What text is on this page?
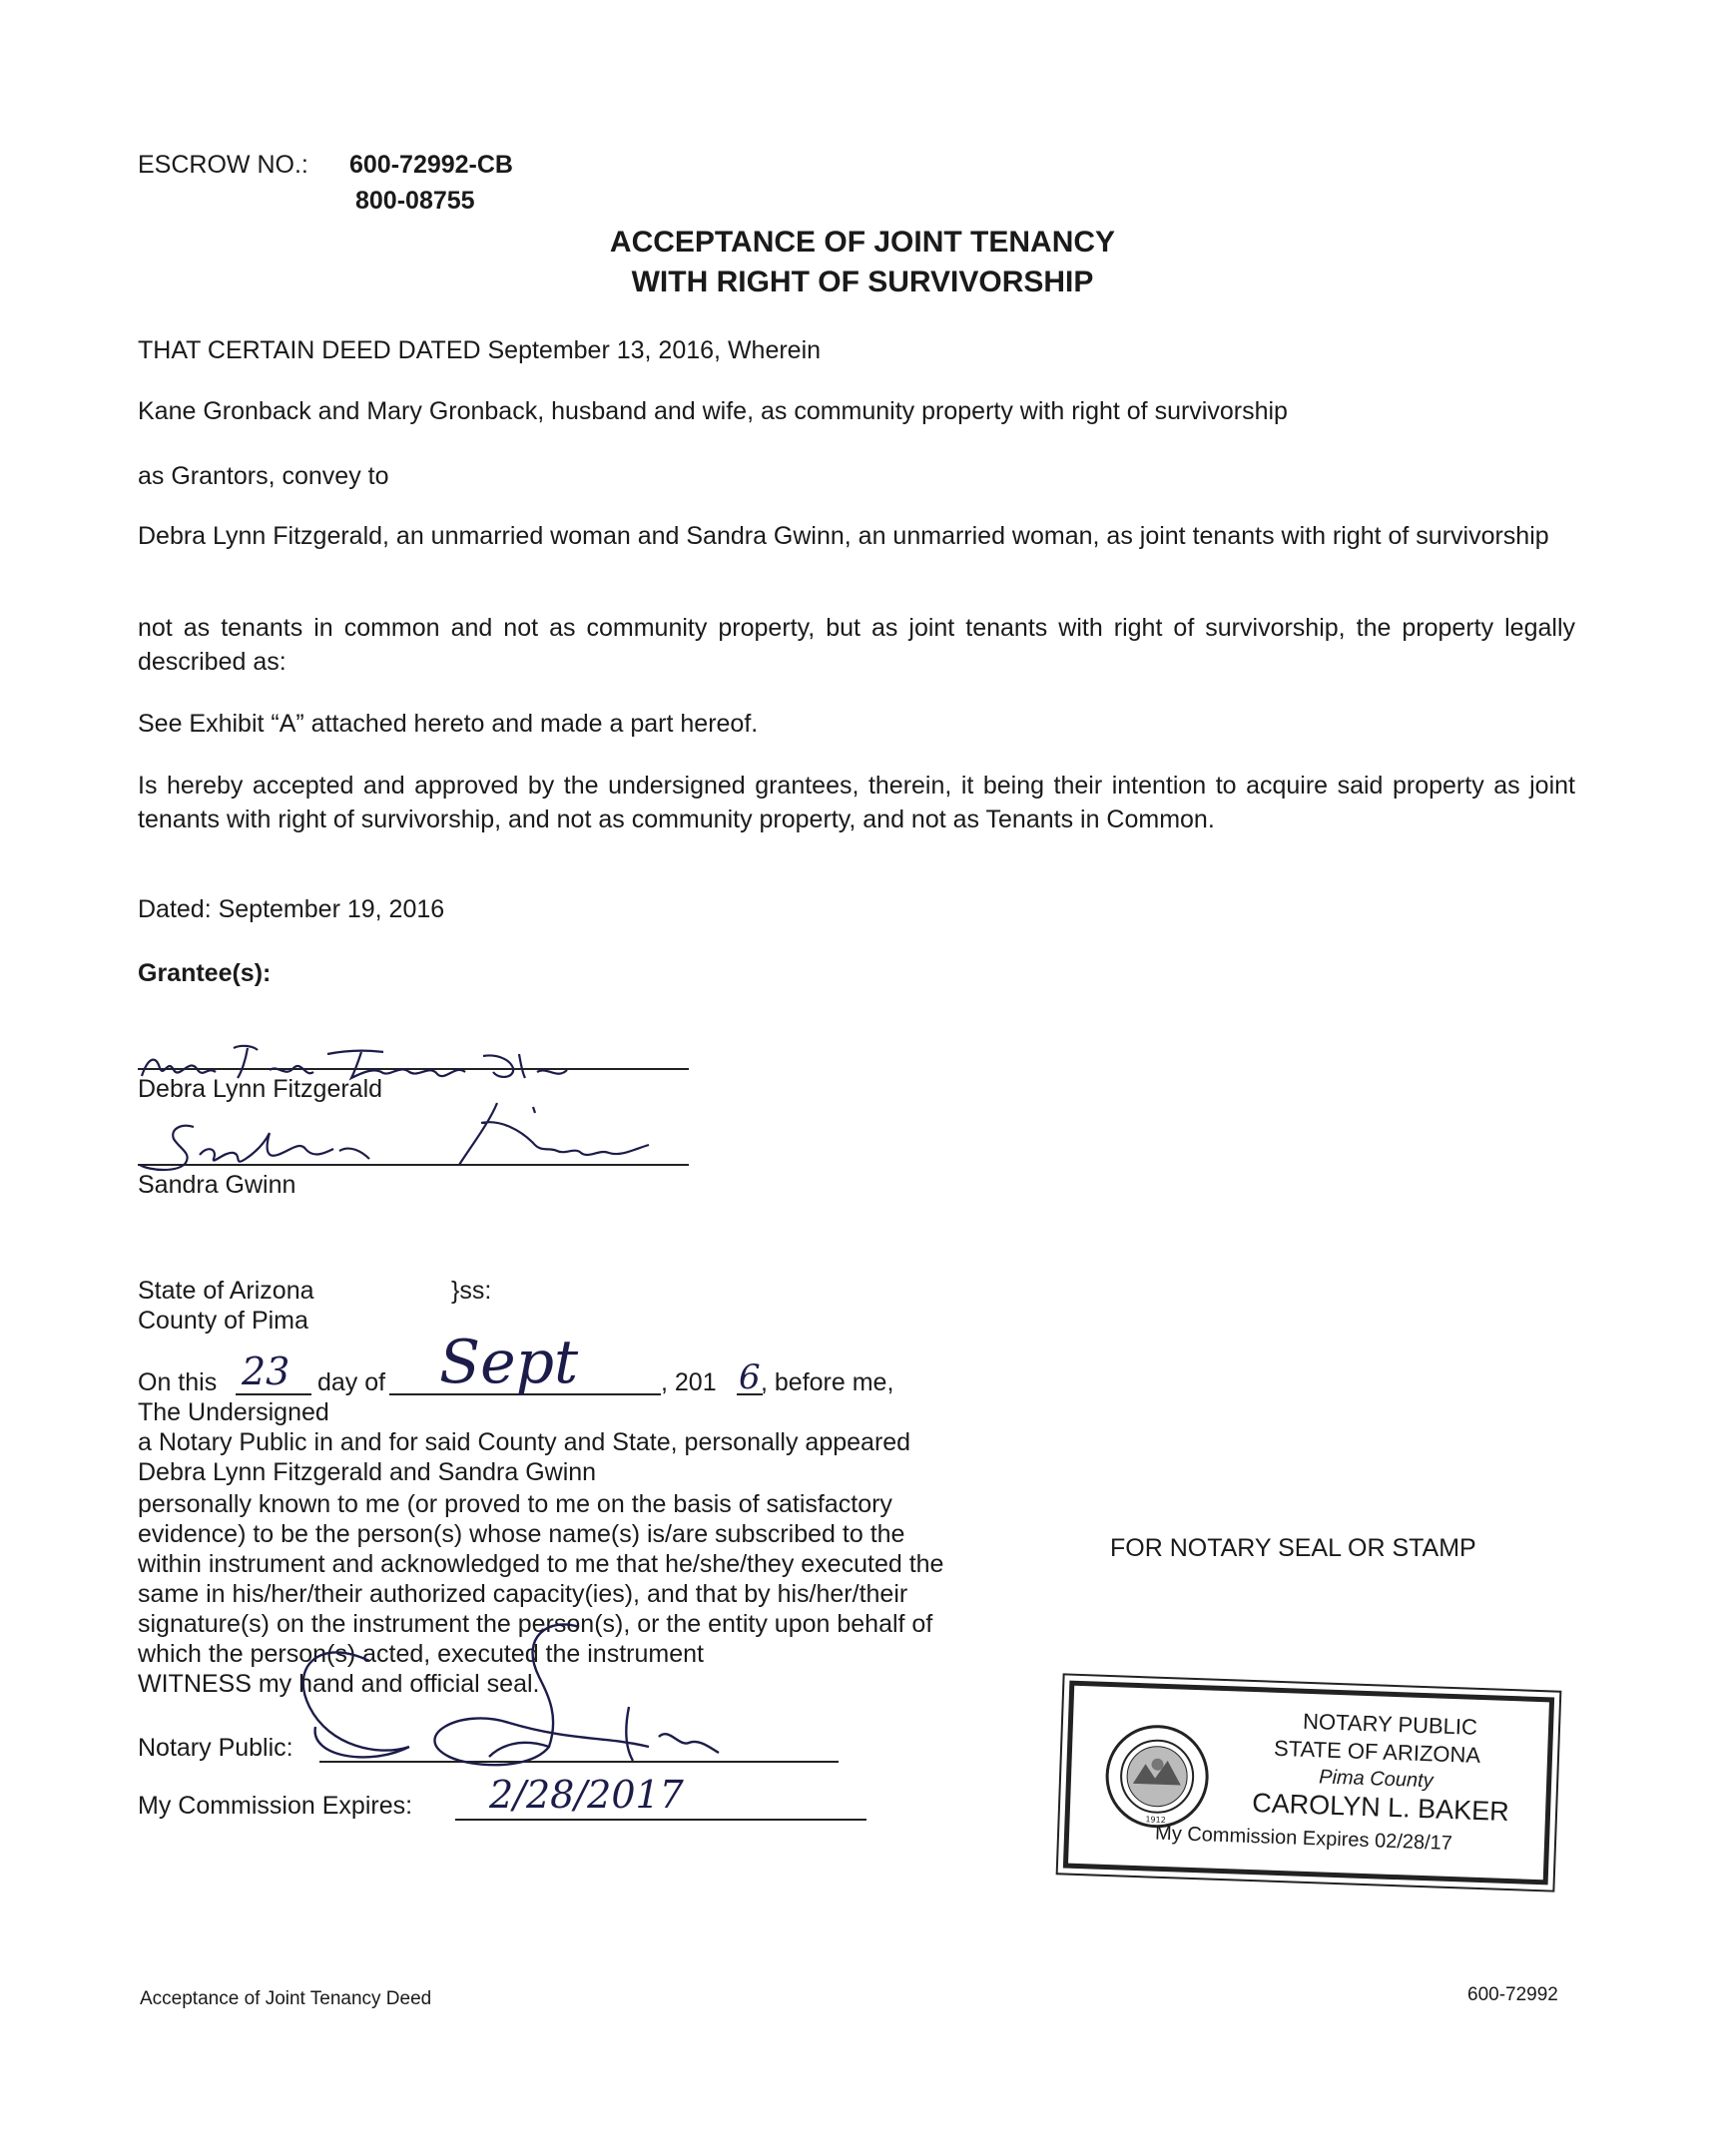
ESCROW NO.: 600-72992-CB
800-08755
ACCEPTANCE OF JOINT TENANCY
WITH RIGHT OF SURVIVORSHIP
THAT CERTAIN DEED DATED September 13, 2016, Wherein
Kane Gronback and Mary Gronback, husband and wife, as community property with right of survivorship
as Grantors, convey to
Debra Lynn Fitzgerald, an unmarried woman and Sandra Gwinn, an unmarried woman, as joint tenants with right of survivorship
not as tenants in common and not as community property, but as joint tenants with right of survivorship, the property legally described as:
See Exhibit “A” attached hereto and made a part hereof.
Is hereby accepted and approved by the undersigned grantees, therein, it being their intention to acquire said property as joint tenants with right of survivorship, and not as community property, and not as Tenants in Common.
Dated: September 19, 2016
Grantee(s):
Debra Lynn Fitzgerald
Sandra Gwinn
State of Arizona	}ss:
County of Pima
On this 23 day of Sept	, 201 6 , before me,
The Undersigned
a Notary Public in and for said County and State, personally appeared
Debra Lynn Fitzgerald and Sandra Gwinn
personally known to me (or proved to me on the basis of satisfactory
evidence) to be the person(s) whose name(s) is/are subscribed to the
within instrument and acknowledged to me that he/she/they executed the
same in his/her/their authorized capacity(ies), and that by his/her/their
signature(s) on the instrument the person(s), or the entity upon behalf of
which the person(s) acted, executed the instrument
WITNESS my hand and official seal.
FOR NOTARY SEAL OR STAMP
Notary Public:
My Commission Expires: 2/28/2017
1912
NOTARY PUBLIC
STATE OF ARIZONA
Pima County
CAROLYN L. BAKER
My Commission Expires 02/28/17
Acceptance of Joint Tenancy Deed	600-72992
